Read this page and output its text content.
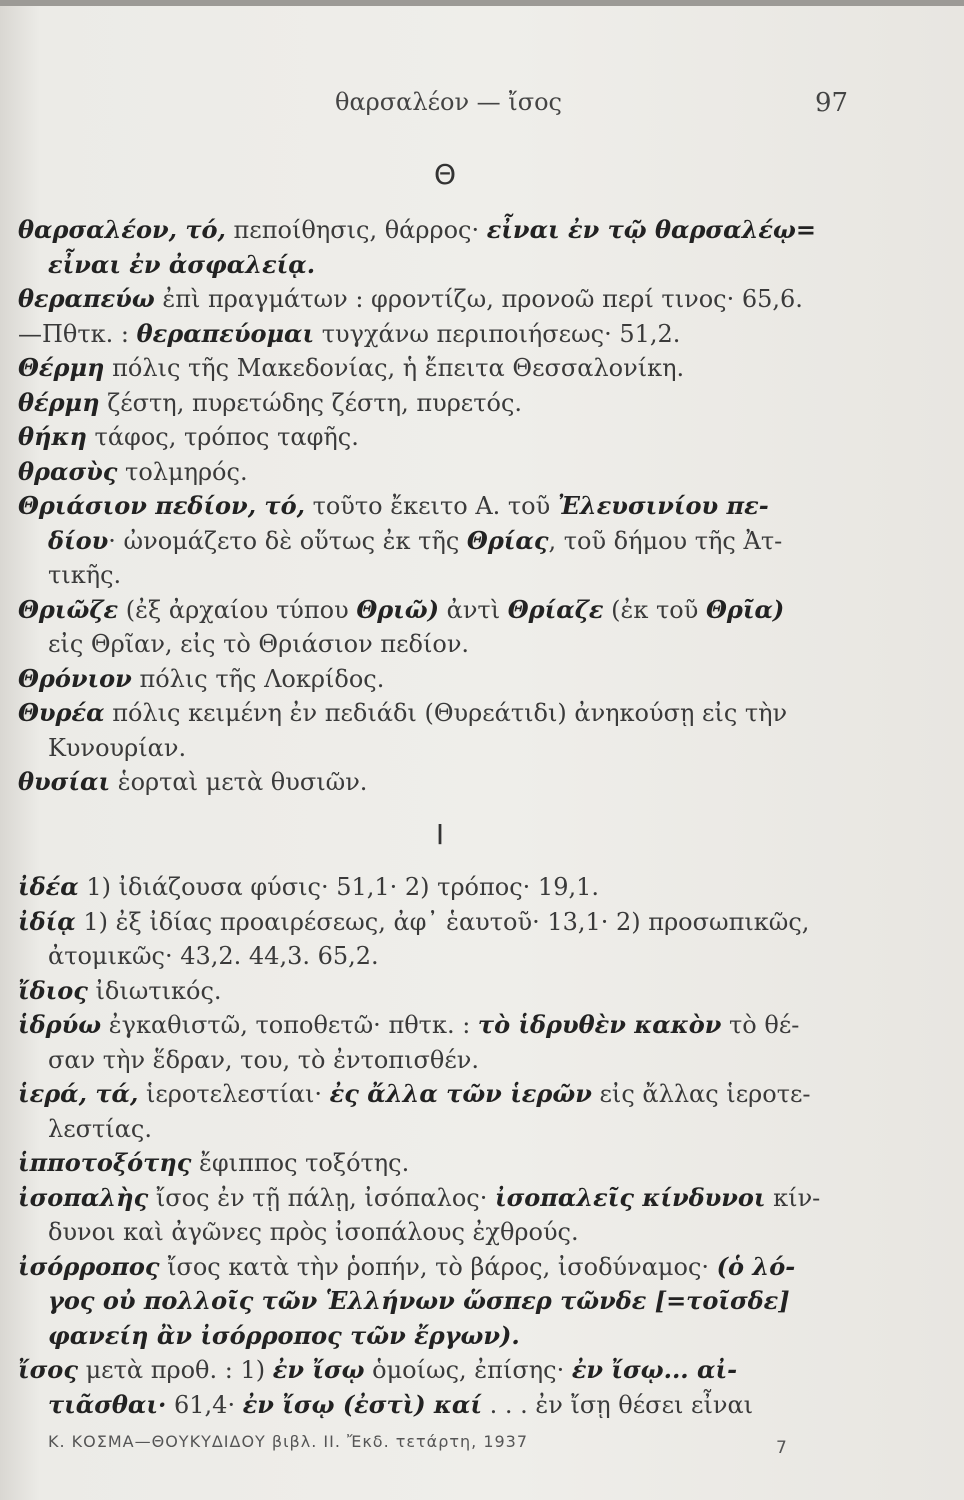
θαρσαλέον — ἴσος	97
Θ
θαρσαλέον, τό, πεποίθησις, θάρρος· εἶναι ἐν τῷ θαρσαλέῳ=
εἶναι ἐν ἀσφαλείᾳ.
θεραπεύω ἐπὶ πραγμάτων : φροντίζω, προνοῶ περί τινος· 65,6.
—Πθτκ. : θεραπεύομαι τυγχάνω περιποιήσεως· 51,2.
Θέρμη πόλις τῆς Μακεδονίας, ἡ ἔπειτα Θεσσαλονίκη.
θέρμη ζέστη, πυρετώδης ζέστη, πυρετός.
θήκη τάφος, τρόπος ταφῆς.
θρασὺς τολμηρός.
Θριάσιον πεδίον, τό, τοῦτο ἔκειτο Α. τοῦ Ἐλευσινίου πε-
δίου· ὠνομάζετο δὲ οὕτως ἐκ τῆς Θρίας, τοῦ δήμου τῆς Ἀτ-
τικῆς.
Θριῶζε (ἐξ ἀρχαίου τύπου Θριῶ) ἀντὶ Θρίαζε (ἐκ τοῦ Θρῖα)
εἰς Θρῖαν, εἰς τὸ Θριάσιον πεδίον.
Θρόνιον πόλις τῆς Λοκρίδος.
Θυρέα πόλις κειμένη ἐν πεδιάδι (Θυρεάτιδι) ἀνηκούσῃ εἰς τὴν
Κυνουρίαν.
θυσίαι ἑορταὶ μετὰ θυσιῶν.
Ι
ἰδέα 1) ἰδιάζουσα φύσις· 51,1· 2) τρόπος· 19,1.
ἰδίᾳ 1) ἐξ ἰδίας προαιρέσεως, ἀφ᾽ ἑαυτοῦ· 13,1· 2) προσωπικῶς,
ἀτομικῶς· 43,2. 44,3. 65,2.
ἴδιος ἰδιωτικός.
ἱδρύω ἐγκαθιστῶ, τοποθετῶ· πθτκ. : τὸ ἱδρυθὲν κακὸν τὸ θέ-
σαν τὴν ἕδραν, του, τὸ ἐντοπισθέν.
ἱερά, τά, ἱεροτελεστίαι· ἐς ἄλλα τῶν ἱερῶν εἰς ἄλλας ἱεροτε-
λεστίας.
ἱπποτοξότης ἔφιππος τοξότης.
ἰσοπαλὴς ἴσος ἐν τῇ πάλῃ, ἰσόπαλος· ἰσοπαλεῖς κίνδυνοι κίν-
δυνοι καὶ ἀγῶνες πρὸς ἰσοπάλους ἐχθρούς.
ἰσόρροπος ἴσος κατὰ τὴν ῥοπήν, τὸ βάρος, ἰσοδύναμος· (ὁ λό-
γος οὐ πολλοῖς τῶν Ἑλλήνων ὥσπερ τῶνδε [=τοῖσδε]
φανείη ἂν ἰσόρροπος τῶν ἔργων).
ἴσος μετὰ προθ. : 1) ἐν ἴσῳ ὁμοίως, ἐπίσης· ἐν ἴσῳ... αἰ-
τιᾶσθαι· 61,4· ἐν ἴσῳ (ἐστὶ) καί . . . ἐν ἴσῃ θέσει εἶναι
Κ. ΚΟΣΜΑ—ΘΟΥΚΥΔΙΔΟΥ βιβλ. ΙΙ. Ἔκδ. τετάρτη, 1937	7
